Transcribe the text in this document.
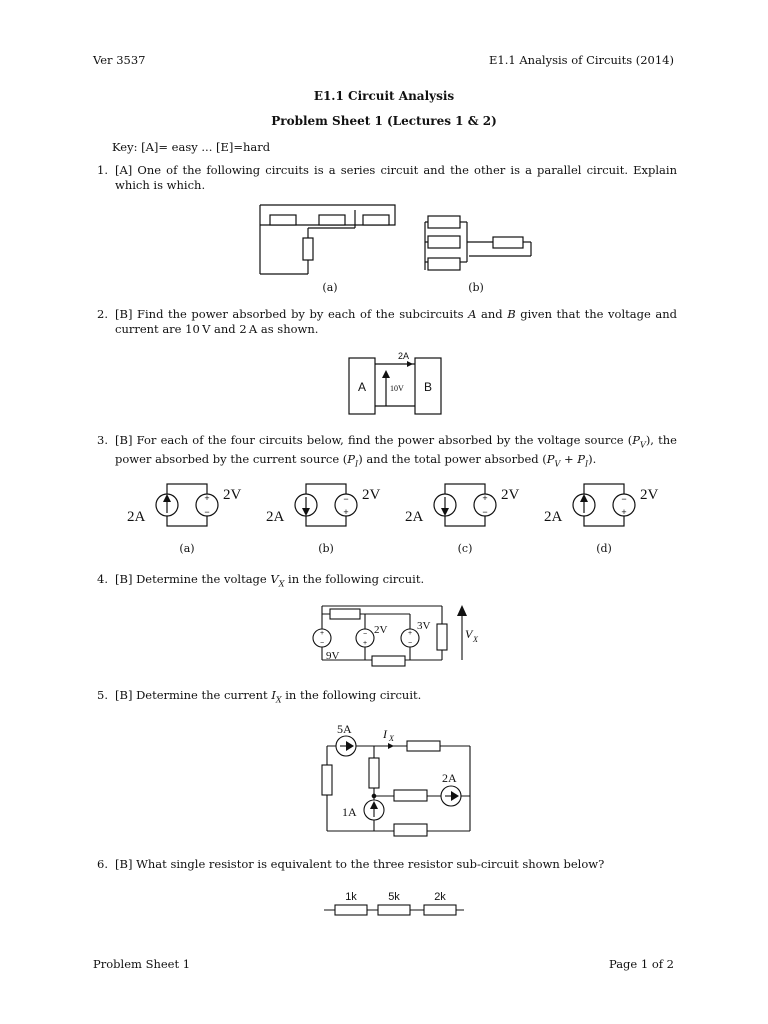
Ver 3537	E1.1 Analysis of Circuits (2014)
E1.1 Circuit Analysis
Problem Sheet 1 (Lectures 1 & 2)
Key: [A]= easy ... [E]=hard
1. [A] One of the following circuits is a series circuit and the other is a parallel circuit. Explain which is which.
(a)	(b)
2. [B] Find the power absorbed by by each of the subcircuits A and B given that the voltage and current are 10 V and 2 A as shown.
2A
10V
A	B
3. [B] For each of the four circuits below, find the power absorbed by the voltage source $(P_V)$, the power absorbed by the current source $(P_I)$ and the total power absorbed $(P_V + P_I)$.
+
−
2A
2V	−
+
2A
2V	+
−
2A
2V	−
+
2A
2V
(a)	(b)	(c)	(d)
4. [B] Determine the voltage $V_X$ in the following circuit.
+
−
−
+
+
−
9V
2V	3V
V X
5. [B] Determine the current $I_X$ in the following circuit.
5A	I X
2A
1A
6. [B] What single resistor is equivalent to the three resistor sub-circuit shown below?
1k	5k	2k
Problem Sheet 1	Page 1 of 2
